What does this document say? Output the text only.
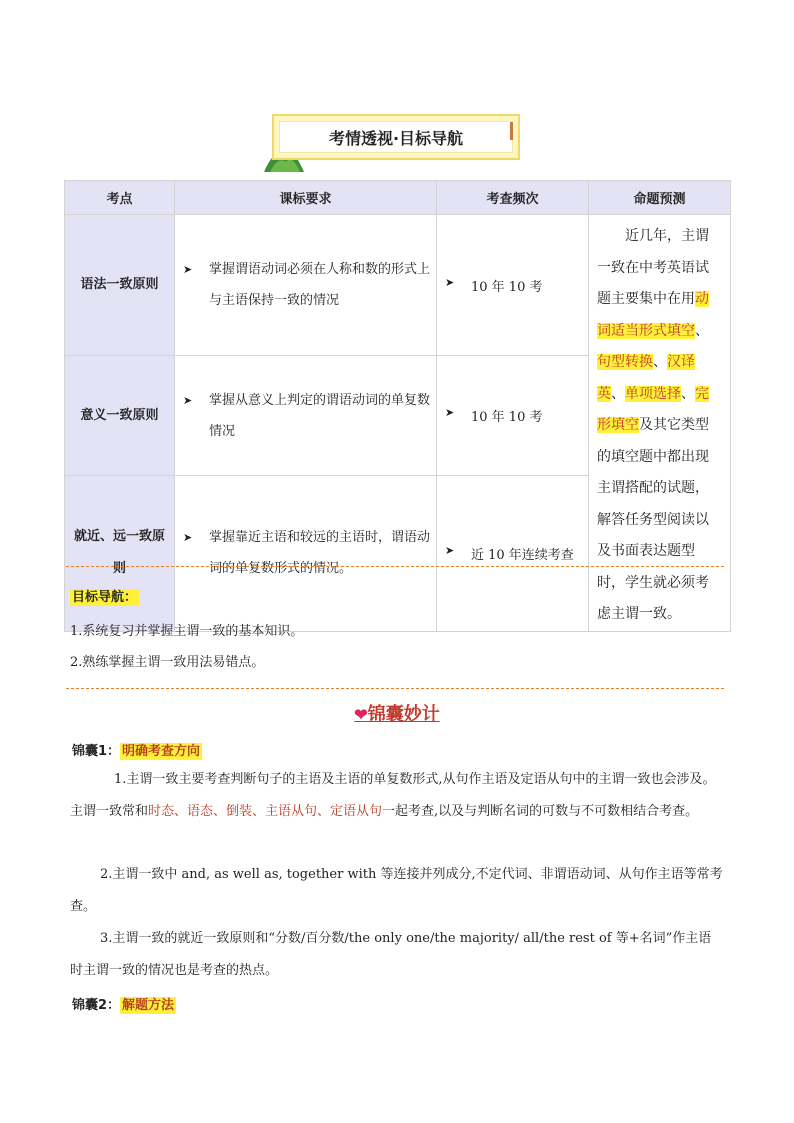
考情透视·目标导航
考点	课标要求	考查频次	命题预测
语法一致原则	➤ 掌握谓语动词必须在人称和数的形式上与主语保持一致的情况	➤ 10 年 10 考	近几年，主谓一致在中考英语试题主要集中在用动词适当形式填空、句型转换、汉译英、单项选择、完形填空及其它类型的填空题中都出现主谓搭配的试题，解答任务型阅读以及书面表达题型时，学生就必须考虑主谓一致。
意义一致原则	➤ 掌握从意义上判定的谓语动词的单复数情况	➤ 10 年 10 考	

就近、远一致原则	➤ 掌握靠近主语和较远的主语时，谓语动词的单复数形式的情况。	➤ 近 10 年连续考查	
目标导航：
1.系统复习并掌握主谓一致的基本知识。
2.熟练掌握主谓一致用法易错点。
❤锦囊妙计
锦囊1： 明确考查方向
1.主谓一致主要考查判断句子的主语及主语的单复数形式,从句作主语及定语从句中的主谓一致也会涉及。 主谓一致常和时态、语态、倒装、主语从句、定语从句一起考查,以及与判断名词的可数与不可数相结合考查。
2.主谓一致中 and, as well as, together with 等连接并列成分,不定代词、非谓语动词、从句作主语等常考查。
3.主谓一致的就近一致原则和“分数/百分数/the only one/the majority/ all/the rest of 等+名词”作主语时主谓一致的情况也是考查的热点。
锦囊2： 解题方法
